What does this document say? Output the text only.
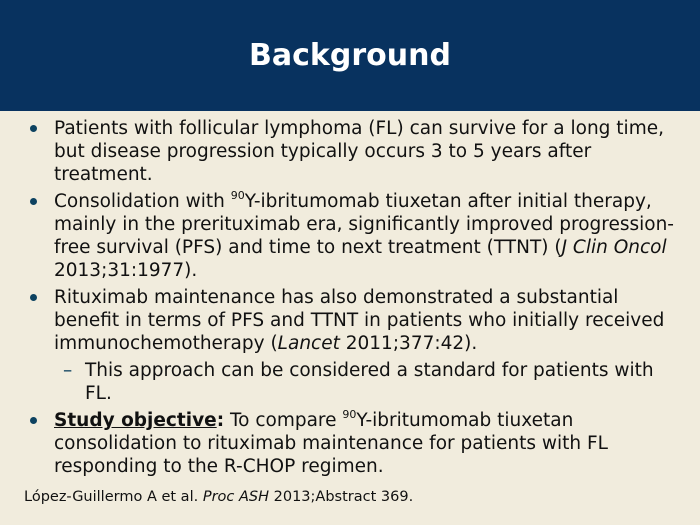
Background
Patients with follicular lymphoma (FL) can survive for a long time, but disease progression typically occurs 3 to 5 years after treatment.
Consolidation with $^{90}$Y-ibritumomab tiuxetan after initial therapy, mainly in the prerituximab era, significantly improved progression-free survival (PFS) and time to next treatment (TTNT) (J Clin Oncol 2013;31:1977).
Rituximab maintenance has also demonstrated a substantial benefit in terms of PFS and TTNT in patients who initially received immunochemotherapy (Lancet 2011;377:42).
– This approach can be considered a standard for patients with FL.
Study objective: To compare $^{90}$Y-ibritumomab tiuxetan consolidation to rituximab maintenance for patients with FL responding to the R-CHOP regimen.
López-Guillermo A et al. Proc ASH 2013;Abstract 369.
